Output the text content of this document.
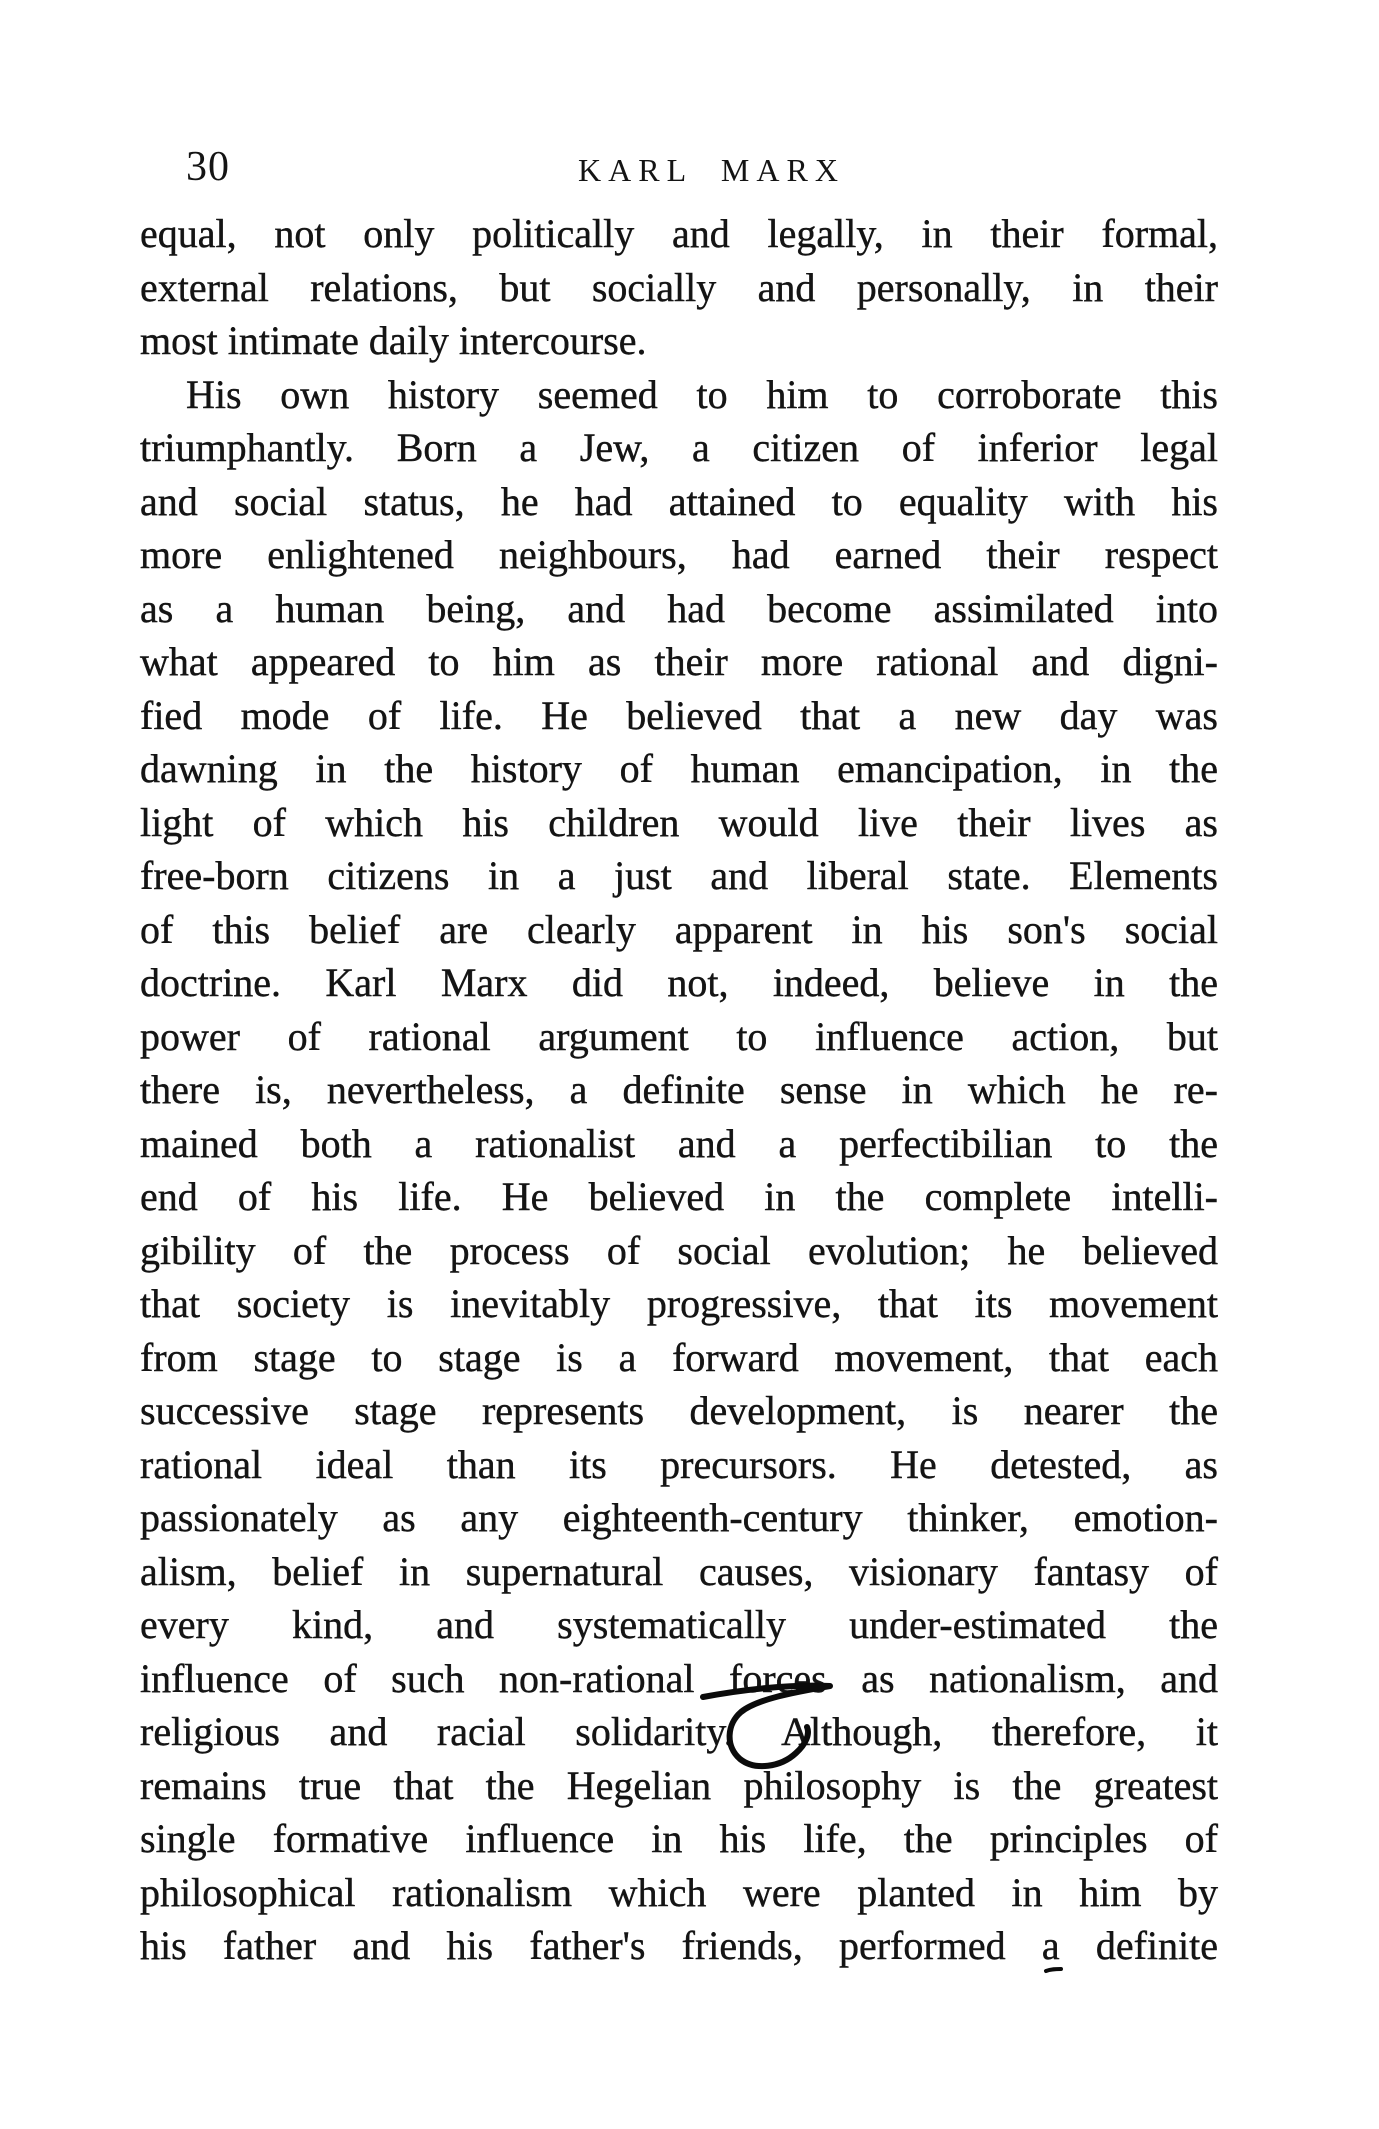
30	KARL MARX
equal, not only politically and legally, in their formal,
external relations, but socially and personally, in their
most intimate daily intercourse.
His own history seemed to him to corroborate this
triumphantly. Born a Jew, a citizen of inferior legal
and social status, he had attained to equality with his
more enlightened neighbours, had earned their respect
as a human being, and had become assimilated into
what appeared to him as their more rational and digni-
fied mode of life. He believed that a new day was
dawning in the history of human emancipation, in the
light of which his children would live their lives as
free-born citizens in a just and liberal state. Elements
of this belief are clearly apparent in his son's social
doctrine. Karl Marx did not, indeed, believe in the
power of rational argument to influence action, but
there is, nevertheless, a definite sense in which he re-
mained both a rationalist and a perfectibilian to the
end of his life. He believed in the complete intelli-
gibility of the process of social evolution; he believed
that society is inevitably progressive, that its movement
from stage to stage is a forward movement, that each
successive stage represents development, is nearer the
rational ideal than its precursors. He detested, as
passionately as any eighteenth-century thinker, emotion-
alism, belief in supernatural causes, visionary fantasy of
every kind, and systematically under-estimated the
influence of such non-rational forces as nationalism, and
religious and racial solidarity. Although, therefore, it
remains true that the Hegelian philosophy is the greatest
single formative influence in his life, the principles of
philosophical rationalism which were planted in him by
his father and his father's friends, performed a definite
